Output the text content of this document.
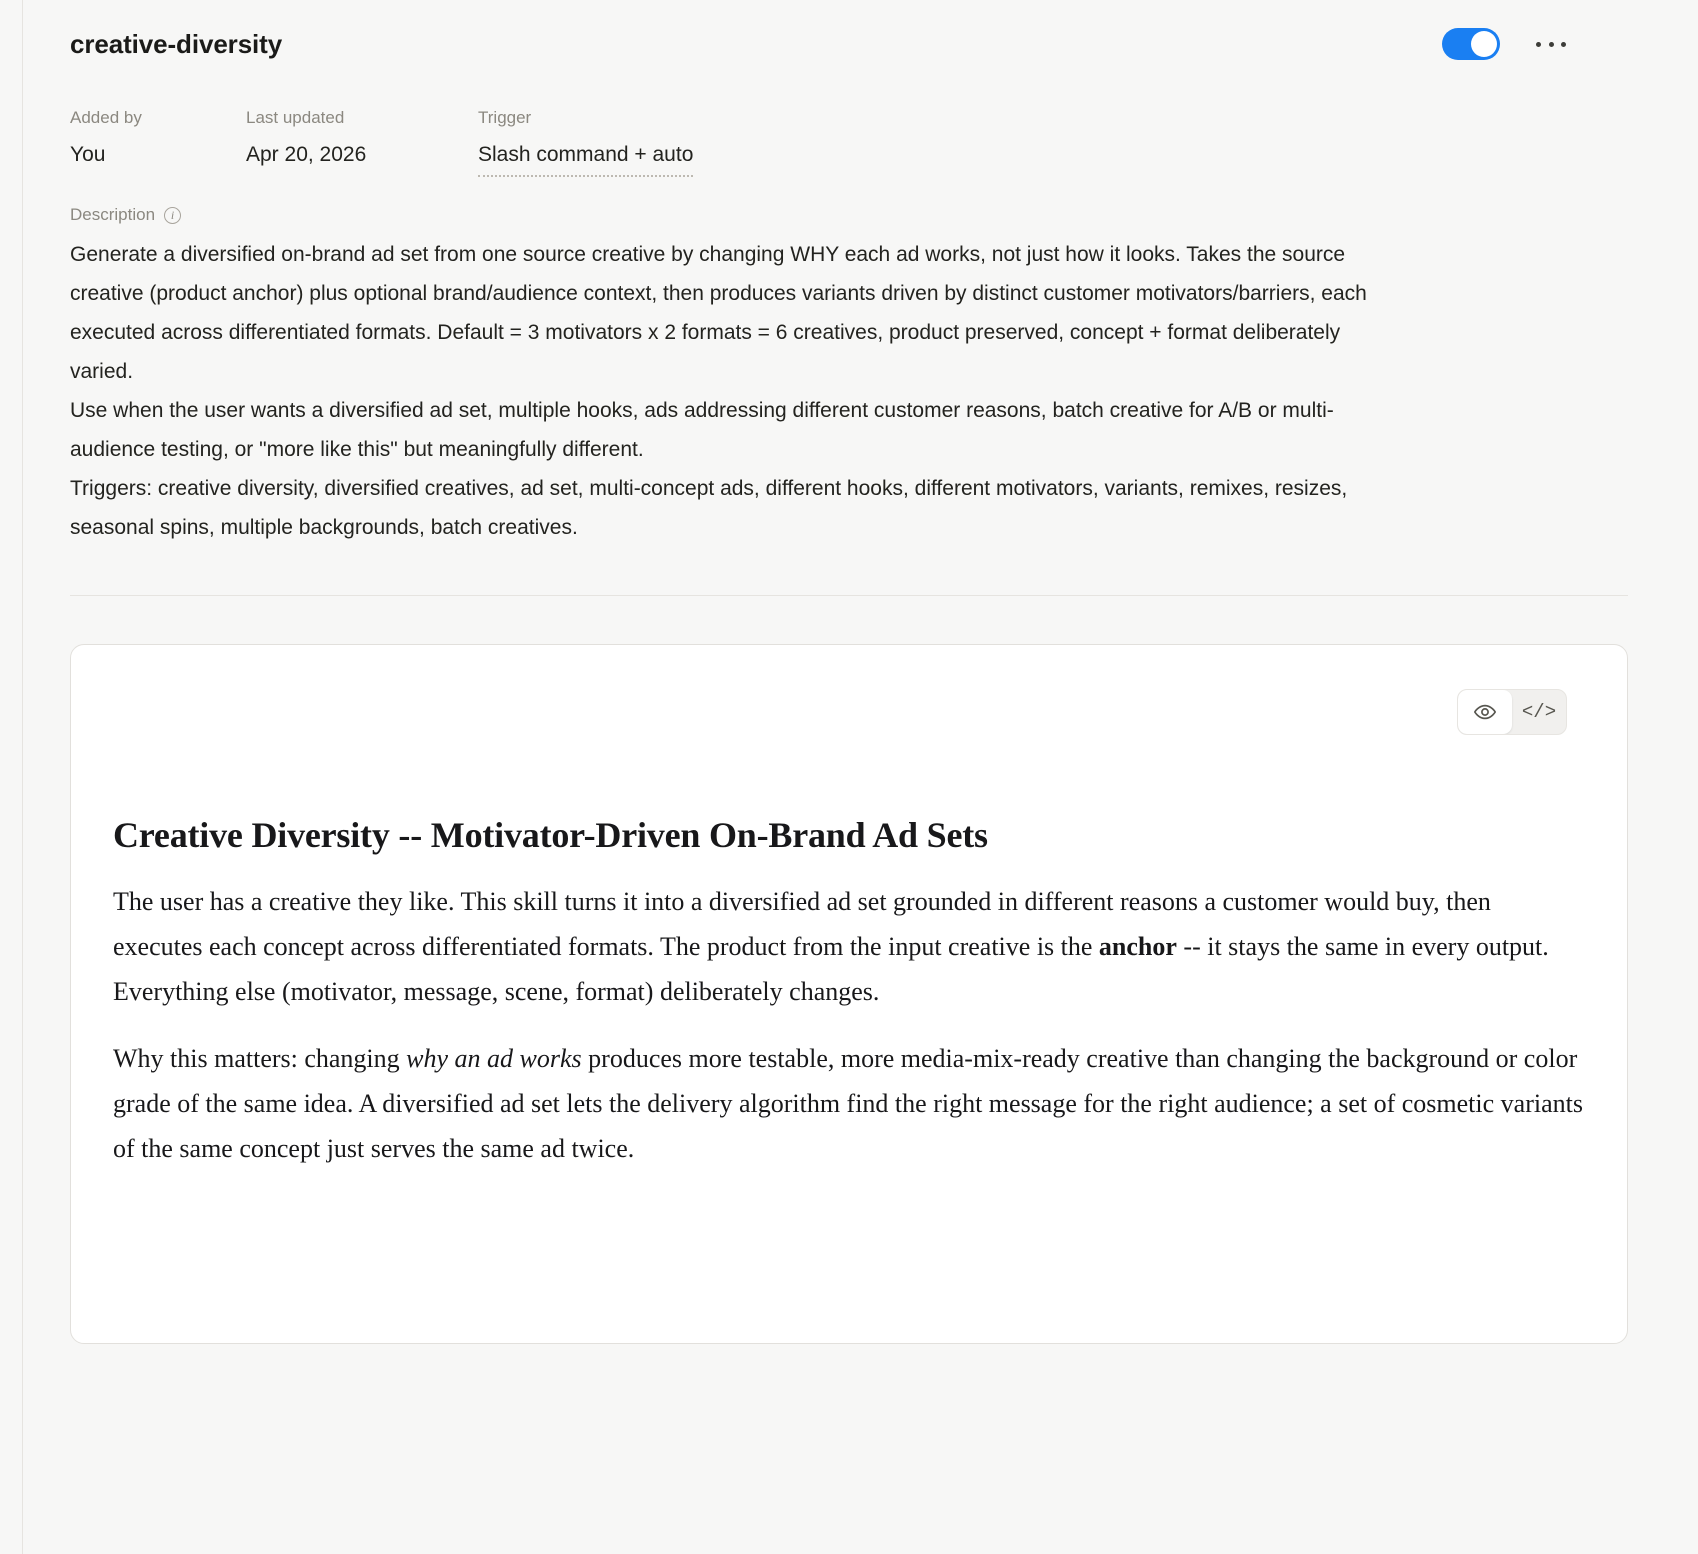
creative-diversity
Added by
You
Last updated
Apr 20, 2026
Trigger
Slash command + auto
Description	i

Generate a diversified on-brand ad set from one source creative by changing WHY each ad works, not just how it looks. Takes the source creative (product anchor) plus optional brand/audience context, then produces variants driven by distinct customer motivators/barriers, each executed across differentiated formats. Default = 3 motivators x 2 formats = 6 creatives, product preserved, concept + format deliberately varied.

Use when the user wants a diversified ad set, multiple hooks, ads addressing different customer reasons, batch creative for A/B or multi-audience testing, or "more like this" but meaningfully different.

Triggers: creative diversity, diversified creatives, ad set, multi-concept ads, different hooks, different motivators, variants, remixes, resizes, seasonal spins, multiple backgrounds, batch creatives.

</>
Creative Diversity -- Motivator-Driven On-Brand Ad Sets

The user has a creative they like. This skill turns it into a diversified ad set grounded in different reasons a customer would buy, then executes each concept across differentiated formats. The product from the input creative is the anchor -- it stays the same in every output. Everything else (motivator, message, scene, format) deliberately changes.

Why this matters: changing why an ad works produces more testable, more media-mix-ready creative than changing the background or color grade of the same idea. A diversified ad set lets the delivery algorithm find the right message for the right audience; a set of cosmetic variants of the same concept just serves the same ad twice.
